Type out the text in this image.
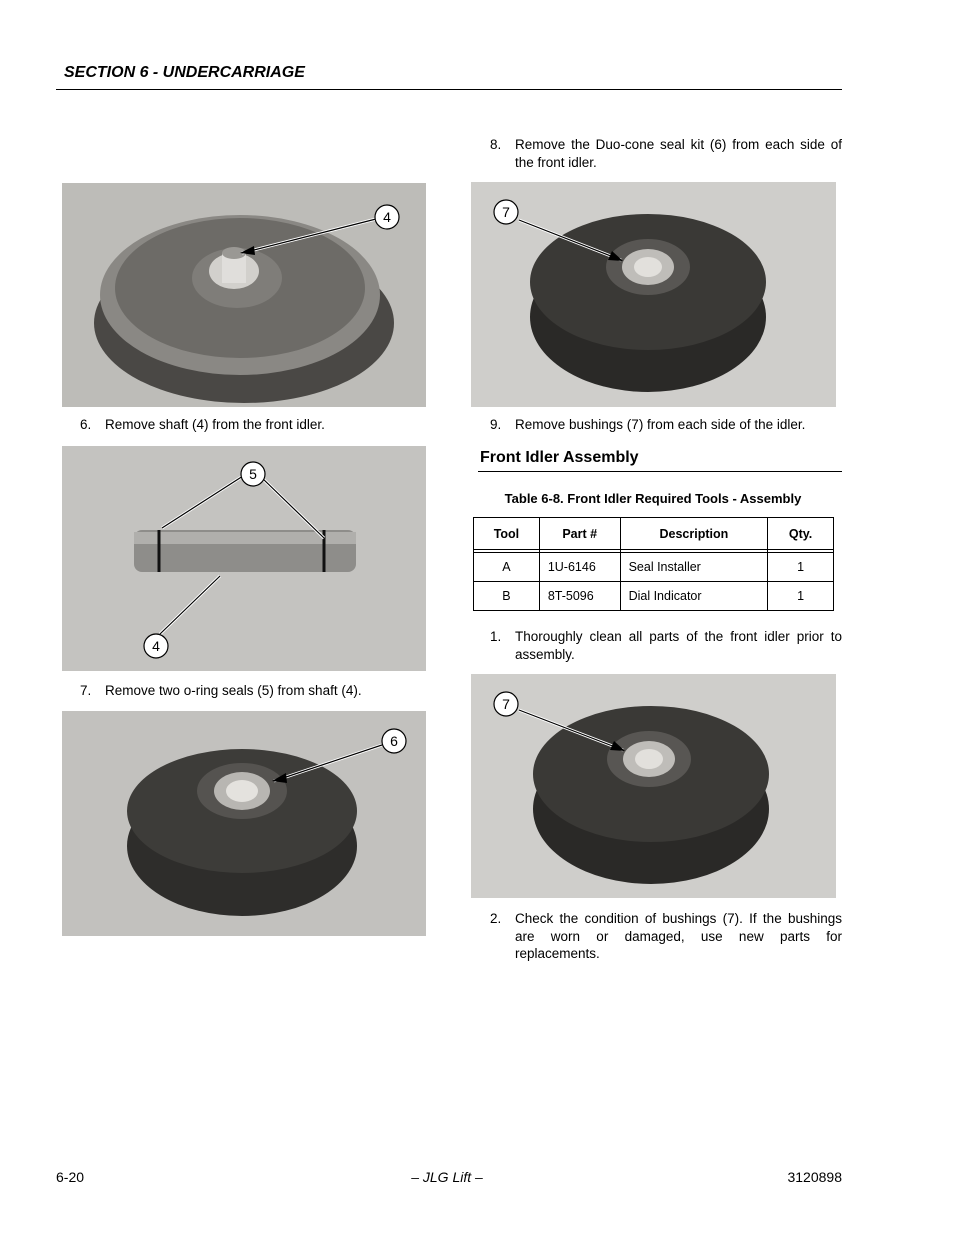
SECTION 6 - UNDERCARRIAGE
4
6. Remove shaft (4) from the front idler.
5
4
7. Remove two o-ring seals (5) from shaft (4).
6
8. Remove the Duo-cone seal kit (6) from each side of the front idler.
7
9. Remove bushings (7) from each side of the idler.
Front Idler Assembly
Table 6-8. Front Idler Required Tools - Assembly
Tool	Part #	Description	Qty.

A	1U-6146	Seal Installer	1
B	8T-5096	Dial Indicator	1
1. Thoroughly clean all parts of the front idler prior to assembly.
7
2. Check the condition of bushings (7). If the bushings are worn or damaged, use new parts for replacements.
6-20	– JLG Lift –	3120898
